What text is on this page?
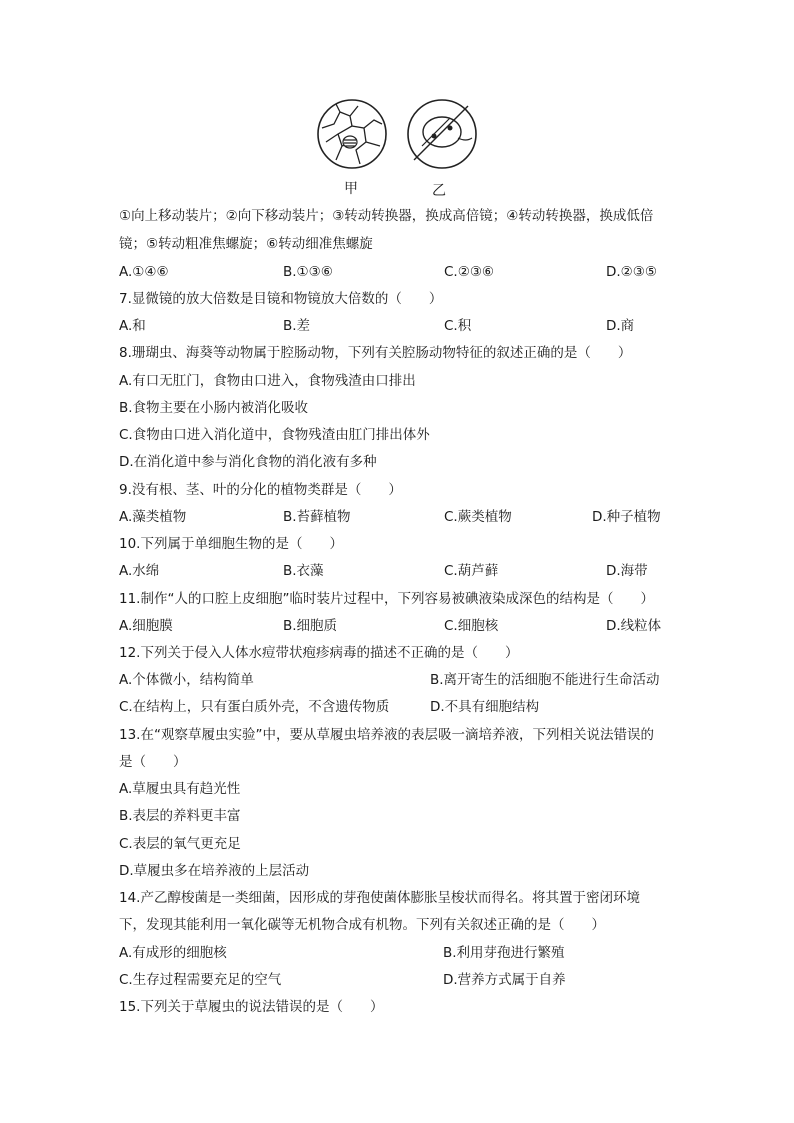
甲	乙
①向上移动装片；②向下移动装片；③转动转换器，换成高倍镜；④转动转换器，换成低倍
镜；⑤转动粗准焦螺旋；⑥转动细准焦螺旋
A.①④⑥	B.①③⑥	C.②③⑥	D.②③⑤
7.显微镜的放大倍数是目镜和物镜放大倍数的（　　）
A.和	B.差	C.积	D.商
8.珊瑚虫、海葵等动物属于腔肠动物，下列有关腔肠动物特征的叙述正确的是（　　）
A.有口无肛门，食物由口进入，食物残渣由口排出
B.食物主要在小肠内被消化吸收
C.食物由口进入消化道中，食物残渣由肛门排出体外
D.在消化道中参与消化食物的消化液有多种
9.没有根、茎、叶的分化的植物类群是（　　）
A.藻类植物	B.苔藓植物	C.蕨类植物	D.种子植物
10.下列属于单细胞生物的是（　　）
A.水绵	B.衣藻	C.葫芦藓	D.海带
11.制作“人的口腔上皮细胞”临时装片过程中，下列容易被碘液染成深色的结构是（　　）
A.细胞膜	B.细胞质	C.细胞核	D.线粒体
12.下列关于侵入人体水痘带状疱疹病毒的描述不正确的是（　　）
A.个体微小，结构简单	B.离开寄生的活细胞不能进行生命活动
C.在结构上，只有蛋白质外壳，不含遗传物质	D.不具有细胞结构
13.在“观察草履虫实验”中，要从草履虫培养液的表层吸一滴培养液，下列相关说法错误的
是（　　）
A.草履虫具有趋光性
B.表层的养料更丰富
C.表层的氧气更充足
D.草履虫多在培养液的上层活动
14.产乙醇梭菌是一类细菌，因形成的芽孢使菌体膨胀呈梭状而得名。将其置于密闭环境
下，发现其能利用一氧化碳等无机物合成有机物。下列有关叙述正确的是（　　）
A.有成形的细胞核	B.利用芽孢进行繁殖
C.生存过程需要充足的空气	D.营养方式属于自养
15.下列关于草履虫的说法错误的是（　　）
